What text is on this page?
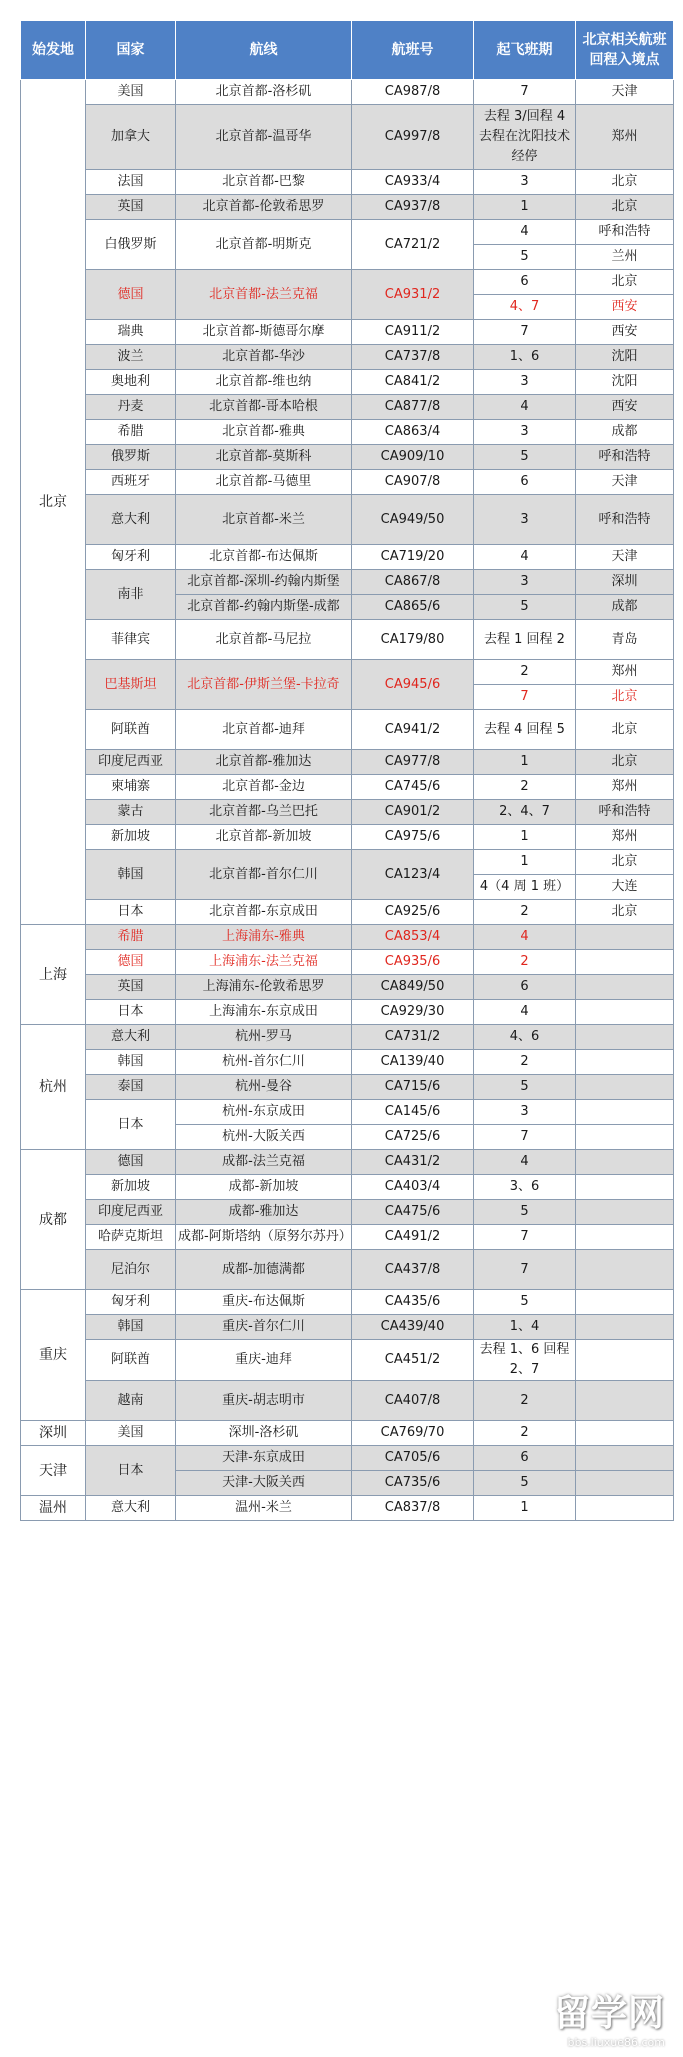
始发地	国家	航线	航班号	起飞班期	北京相关航班回程入境点
北京	美国	北京首都-洛杉矶	CA987/8	7	天津
	加拿大	北京首都-温哥华	CA997/8	去程 3/回程 4 去程在沈阳技术经停	郑州
	法国	北京首都-巴黎	CA933/4	3	北京
	英国	北京首都-伦敦希思罗	CA937/8	1	北京
	白俄罗斯	北京首都-明斯克	CA721/2	4	呼和浩特
				5	兰州
	德国	北京首都-法兰克福	CA931/2	6	北京
				4、7	西安
	瑞典	北京首都-斯德哥尔摩	CA911/2	7	西安
	波兰	北京首都-华沙	CA737/8	1、6	沈阳
	奥地利	北京首都-维也纳	CA841/2	3	沈阳
	丹麦	北京首都-哥本哈根	CA877/8	4	西安
	希腊	北京首都-雅典	CA863/4	3	成都
	俄罗斯	北京首都-莫斯科	CA909/10	5	呼和浩特
	西班牙	北京首都-马德里	CA907/8	6	天津
	意大利	北京首都-米兰	CA949/50	3	呼和浩特
	匈牙利	北京首都-布达佩斯	CA719/20	4	天津
	南非	北京首都-深圳-约翰内斯堡	CA867/8	3	深圳
		北京首都-约翰内斯堡-成都	CA865/6	5	成都
	菲律宾	北京首都-马尼拉	CA179/80	去程 1 回程 2	青岛
	巴基斯坦	北京首都-伊斯兰堡-卡拉奇	CA945/6	2	郑州
				7	北京
	阿联酋	北京首都-迪拜	CA941/2	去程 4 回程 5	北京
	印度尼西亚	北京首都-雅加达	CA977/8	1	北京
	柬埔寨	北京首都-金边	CA745/6	2	郑州
	蒙古	北京首都-乌兰巴托	CA901/2	2、4、7	呼和浩特
	新加坡	北京首都-新加坡	CA975/6	1	郑州
	韩国	北京首都-首尔仁川	CA123/4	1	北京
				4（4 周 1 班）	大连
	日本	北京首都-东京成田	CA925/6	2	北京
上海	希腊	上海浦东-雅典	CA853/4	4	
	德国	上海浦东-法兰克福	CA935/6	2	
	英国	上海浦东-伦敦希思罗	CA849/50	6	
	日本	上海浦东-东京成田	CA929/30	4	
杭州	意大利	杭州-罗马	CA731/2	4、6	
	韩国	杭州-首尔仁川	CA139/40	2	
	泰国	杭州-曼谷	CA715/6	5	
	日本	杭州-东京成田	CA145/6	3	
		杭州-大阪关西	CA725/6	7	
成都	德国	成都-法兰克福	CA431/2	4	
	新加坡	成都-新加坡	CA403/4	3、6	
	印度尼西亚	成都-雅加达	CA475/6	5	
	哈萨克斯坦	成都-阿斯塔纳（原努尔苏丹）	CA491/2	7	
	尼泊尔	成都-加德满都	CA437/8	7	
重庆	匈牙利	重庆-布达佩斯	CA435/6	5	
	韩国	重庆-首尔仁川	CA439/40	1、4	
	阿联酋	重庆-迪拜	CA451/2	去程 1、6 回程 2、7	
	越南	重庆-胡志明市	CA407/8	2	
深圳	美国	深圳-洛杉矶	CA769/70	2	
天津	日本	天津-东京成田	CA705/6	6	
		天津-大阪关西	CA735/6	5	
温州	意大利	温州-米兰	CA837/8	1	
留学网
bbs.liuxue86.com
